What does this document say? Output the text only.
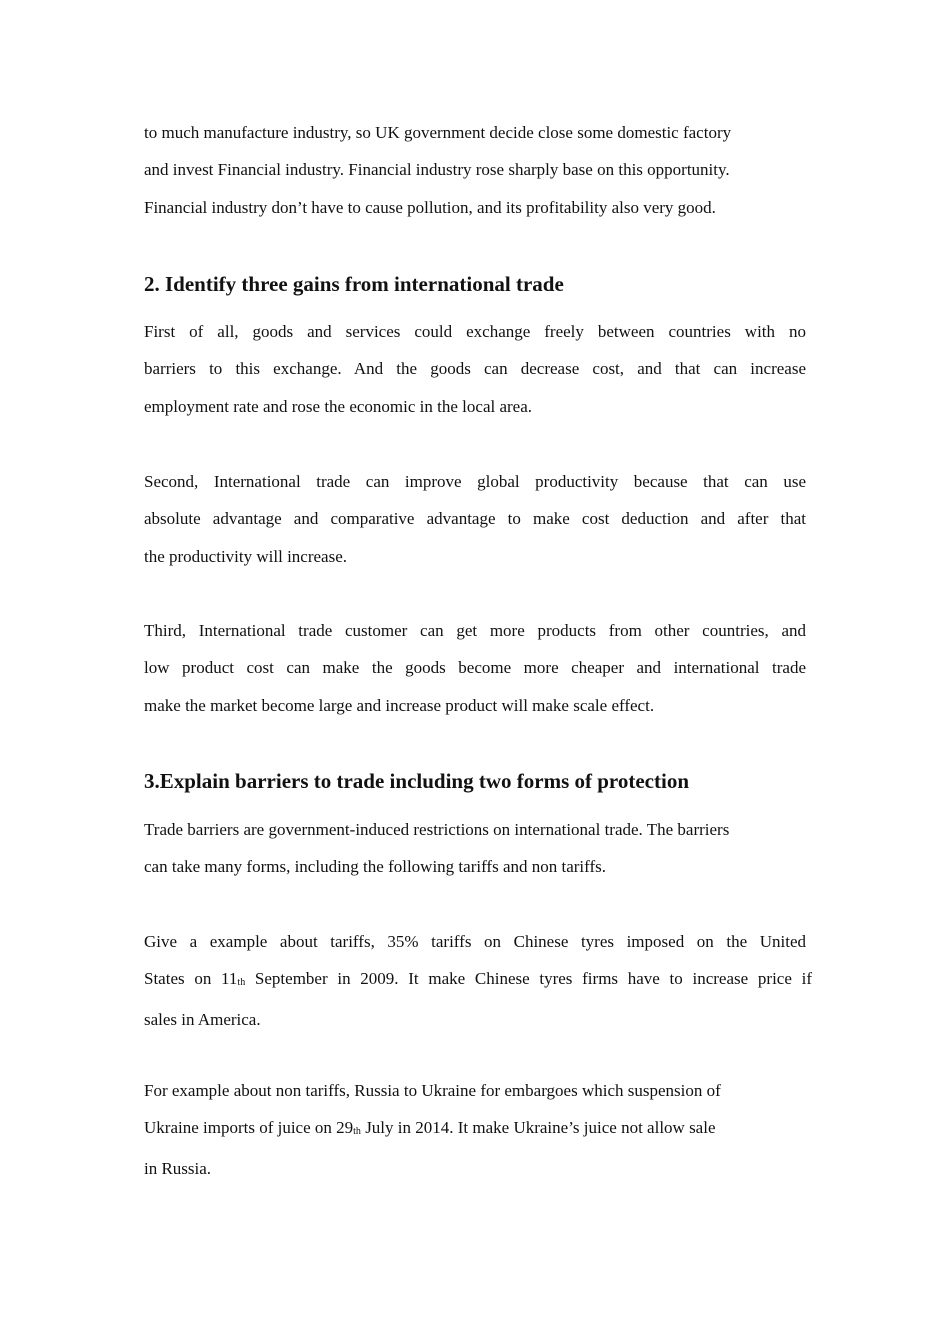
to much manufacture industry, so UK government decide close some domestic factory
and invest Financial industry. Financial industry rose sharply base on this opportunity.
Financial industry don’t have to cause pollution, and its profitability also very good.
2. Identify three gains from international trade
First of all, goods and services could exchange freely between countries with no
barriers to this exchange. And the goods can decrease cost, and that can increase
employment rate and rose the economic in the local area.
Second, International trade can improve global productivity because that can use
absolute advantage and comparative advantage to make cost deduction and after that
the productivity will increase.
Third, International trade customer can get more products from other countries, and
low product cost can make the goods become more cheaper and international trade
make the market become large and increase product will make scale effect.
3.Explain barriers to trade including two forms of protection
Trade barriers are government-induced restrictions on international trade. The barriers
can take many forms, including the following tariffs and non tariffs.
Give a example about tariffs, 35% tariffs on Chinese tyres imposed on the United
States on 11th September in 2009. It make Chinese tyres firms have to increase price if
sales in America.
For example about non tariffs, Russia to Ukraine for embargoes which suspension of
Ukraine imports of juice on 29th July in 2014. It make Ukraine’s juice not allow sale
in Russia.
